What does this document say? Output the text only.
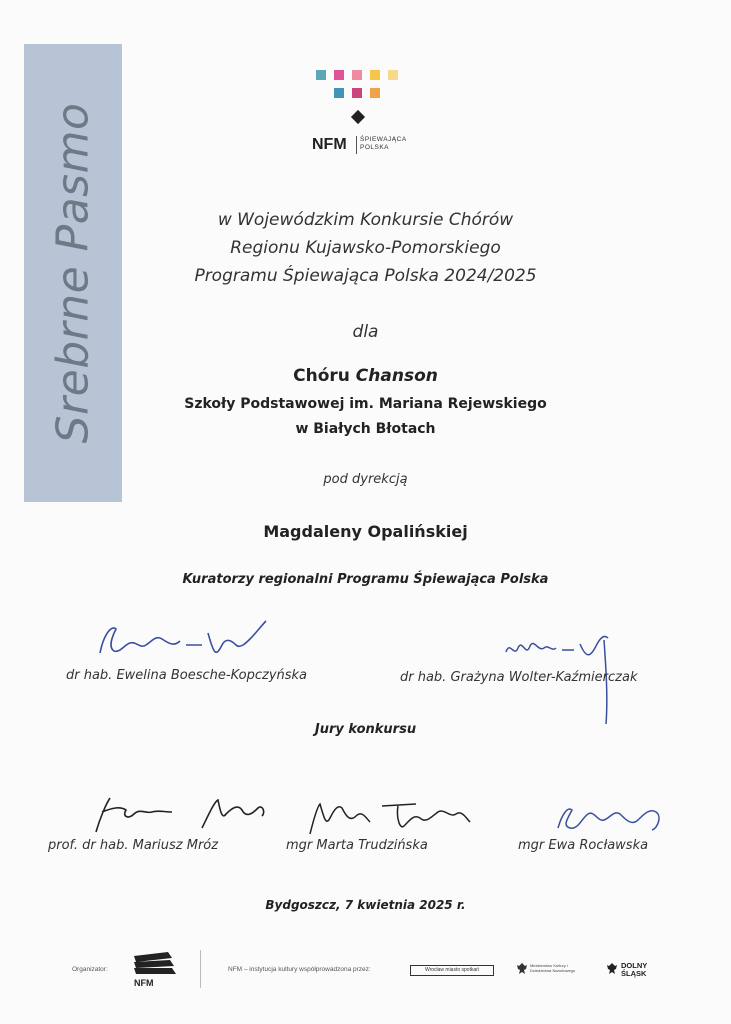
Srebrne Pasmo	NFM ŚPIEWAJĄCA
POLSKA
w Wojewódzkim Konkursie Chórów
Regionu Kujawsko-Pomorskiego
Programu Śpiewająca Polska 2024/2025
dla
Chóru Chanson
Szkoły Podstawowej im. Mariana Rejewskiego
w Białych Błotach
pod dyrekcją
Magdaleny Opalińskiej
Kuratorzy regionalni Programu Śpiewająca Polska
dr hab. Ewelina Boesche-Kopczyńska	dr hab. Grażyna Wolter-Kaźmierczak
Jury konkursu
prof. dr hab. Mariusz Mróz	mgr Marta Trudzińska	mgr Ewa Rocławska
Bydgoszcz, 7 kwietnia 2025 r.
Organizator:
NFM
NFM – instytucja kultury współprowadzona przez:	Wrocław miasto spotkań
Ministerstwo Kultury i Dziedzictwa Narodowego
DOLNY
ŚLĄSK
